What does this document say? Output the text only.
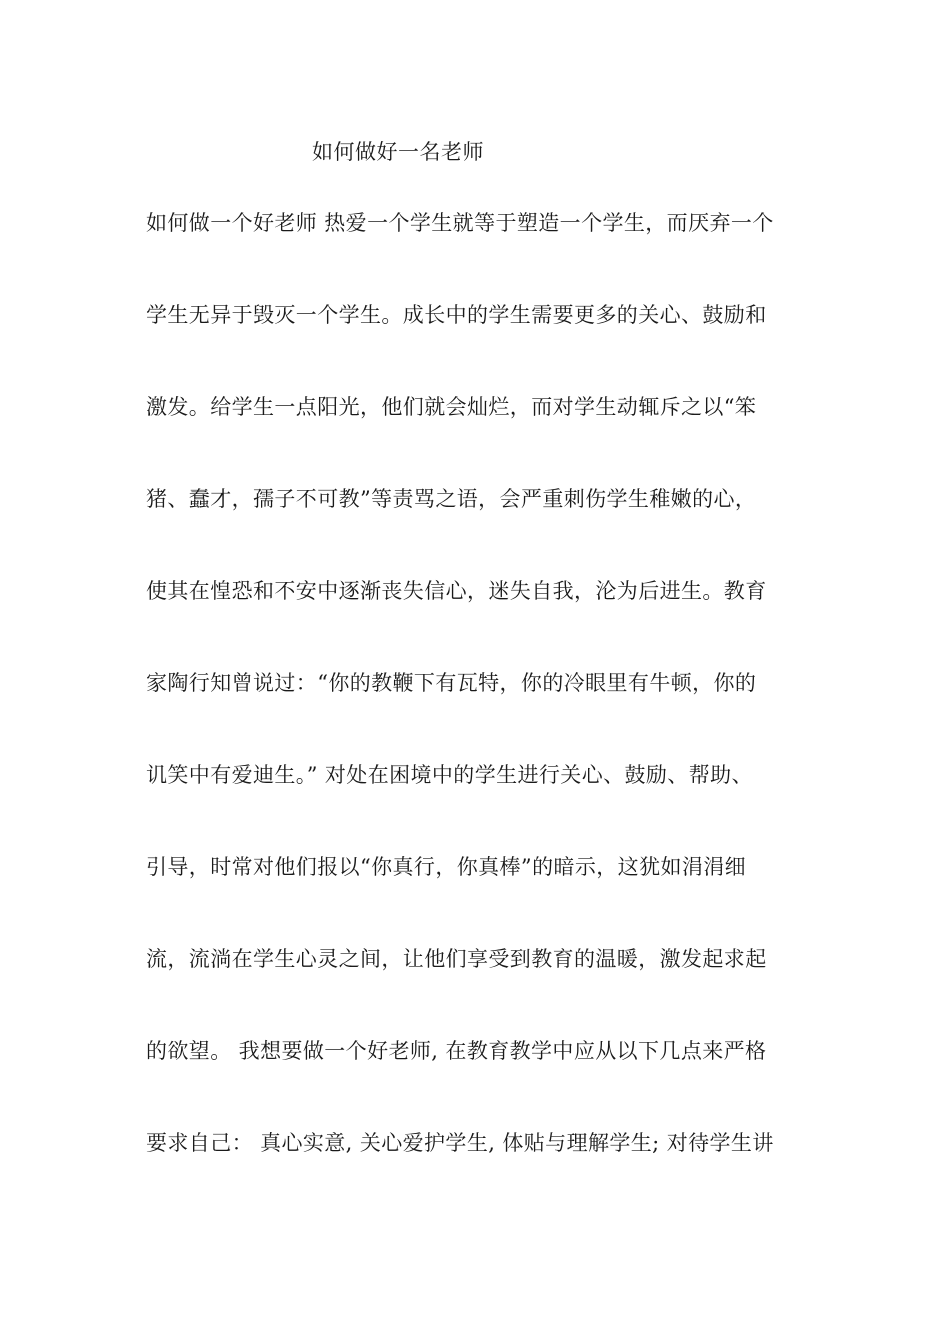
如何做好一名老师
如何做一个好老师 热爱一个学生就等于塑造一个学生，而厌弃一个
学生无异于毁灭一个学生。成长中的学生需要更多的关心、鼓励和
激发。给学生一点阳光，他们就会灿烂，而对学生动辄斥之以“笨
猪、蠢才，孺子不可教”等责骂之语，会严重刺伤学生稚嫩的心，
使其在惶恐和不安中逐渐丧失信心，迷失自我，沦为后进生。教育
家陶行知曾说过：“你的教鞭下有瓦特，你的冷眼里有牛顿，你的
讥笑中有爱迪生。” 对处在困境中的学生进行关心、鼓励、帮助、
引导，时常对他们报以“你真行，你真棒”的暗示，这犹如涓涓细
流，流淌在学生心灵之间，让他们享受到教育的温暖，激发起求起
的欲望。 我想要做一个好老师, 在教育教学中应从以下几点来严格
要求自己： 真心实意, 关心爱护学生, 体贴与理解学生; 对待学生讲
